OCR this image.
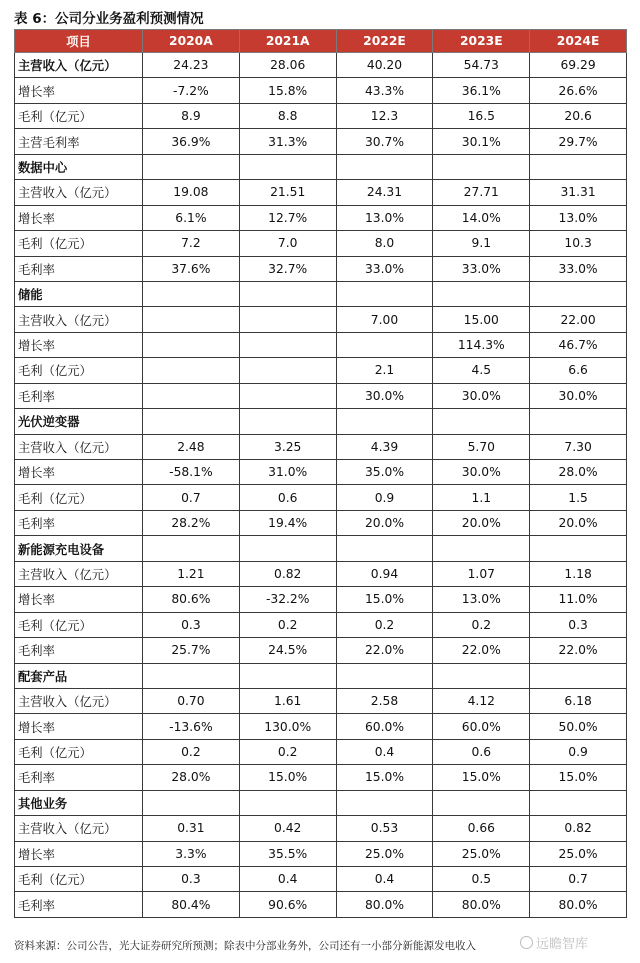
表 6：公司分业务盈利预测情况
项目	2020A	2021A	2022E	2023E	2024E
主营收入（亿元）	24.23	28.06	40.20	54.73	69.29
增长率	-7.2%	15.8%	43.3%	36.1%	26.6%
毛利（亿元）	8.9	8.8	12.3	16.5	20.6
主营毛利率	36.9%	31.3%	30.7%	30.1%	29.7%
数据中心					
主营收入（亿元）	19.08	21.51	24.31	27.71	31.31
增长率	6.1%	12.7%	13.0%	14.0%	13.0%
毛利（亿元）	7.2	7.0	8.0	9.1	10.3
毛利率	37.6%	32.7%	33.0%	33.0%	33.0%
储能					
主营收入（亿元）			7.00	15.00	22.00
增长率				114.3%	46.7%
毛利（亿元）			2.1	4.5	6.6
毛利率			30.0%	30.0%	30.0%
光伏逆变器					
主营收入（亿元）	2.48	3.25	4.39	5.70	7.30
增长率	-58.1%	31.0%	35.0%	30.0%	28.0%
毛利（亿元）	0.7	0.6	0.9	1.1	1.5
毛利率	28.2%	19.4%	20.0%	20.0%	20.0%
新能源充电设备					
主营收入（亿元）	1.21	0.82	0.94	1.07	1.18
增长率	80.6%	-32.2%	15.0%	13.0%	11.0%
毛利（亿元）	0.3	0.2	0.2	0.2	0.3
毛利率	25.7%	24.5%	22.0%	22.0%	22.0%
配套产品					
主营收入（亿元）	0.70	1.61	2.58	4.12	6.18
增长率	-13.6%	130.0%	60.0%	60.0%	50.0%
毛利（亿元）	0.2	0.2	0.4	0.6	0.9
毛利率	28.0%	15.0%	15.0%	15.0%	15.0%
其他业务					
主营收入（亿元）	0.31	0.42	0.53	0.66	0.82
增长率	3.3%	35.5%	25.0%	25.0%	25.0%
毛利（亿元）	0.3	0.4	0.4	0.5	0.7
毛利率	80.4%	90.6%	80.0%	80.0%	80.0%
资料来源：公司公告，光大证券研究所预测；除表中分部业务外，公司还有一小部分新能源发电收入	远瞻智库
